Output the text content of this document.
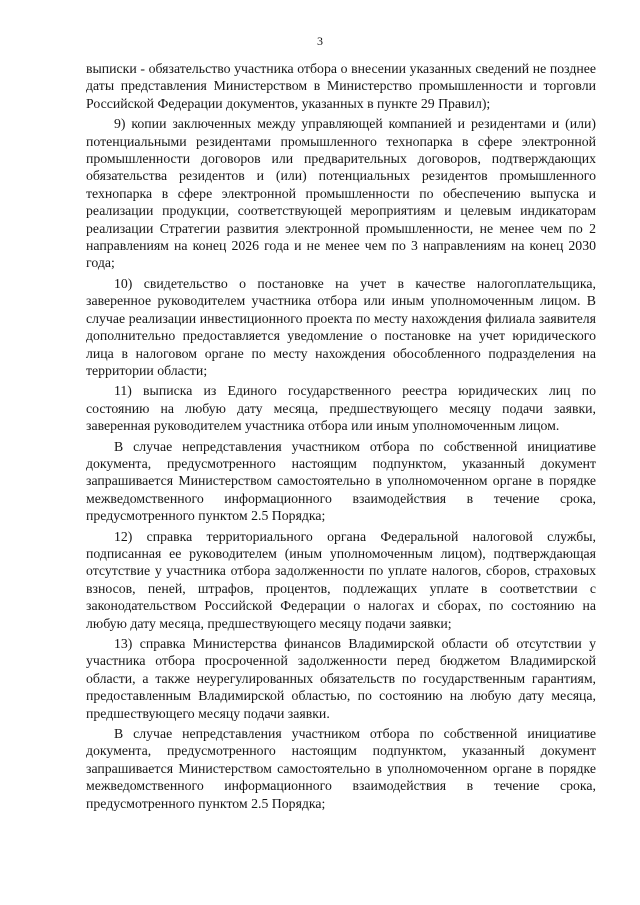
3

выписки - обязательство участника отбора о внесении указанных сведений не позднее даты представления Министерством в Министерство промышленности и торговли Российской Федерации документов, указанных в пункте 29 Правил);

9) копии заключенных между управляющей компанией и резидентами и (или) потенциальными резидентами промышленного технопарка в сфере электронной промышленности договоров или предварительных договоров, подтверждающих обязательства резидентов и (или) потенциальных резидентов промышленного технопарка в сфере электронной промышленности по обеспечению выпуска и реализации продукции, соответствующей мероприятиям и целевым индикаторам реализации Стратегии развития электронной промышленности, не менее чем по 2 направлениям на конец 2026 года и не менее чем по 3 направлениям на конец 2030 года;

10) свидетельство о постановке на учет в качестве налогоплательщика, заверенное руководителем участника отбора или иным уполномоченным лицом. В случае реализации инвестиционного проекта по месту нахождения филиала заявителя дополнительно предоставляется уведомление о постановке на учет юридического лица в налоговом органе по месту нахождения обособленного подразделения на территории области;

11) выписка из Единого государственного реестра юридических лиц по состоянию на любую дату месяца, предшествующего месяцу подачи заявки, заверенная руководителем участника отбора или иным уполномоченным лицом.

В случае непредставления участником отбора по собственной инициативе документа, предусмотренного настоящим подпунктом, указанный документ запрашивается Министерством самостоятельно в уполномоченном органе в порядке межведомственного информационного взаимодействия в течение срока, предусмотренного пунктом 2.5 Порядка;

12) справка территориального органа Федеральной налоговой службы, подписанная ее руководителем (иным уполномоченным лицом), подтверждающая отсутствие у участника отбора задолженности по уплате налогов, сборов, страховых взносов, пеней, штрафов, процентов, подлежащих уплате в соответствии с законодательством Российской Федерации о налогах и сборах, по состоянию на любую дату месяца, предшествующего месяцу подачи заявки;

13) справка Министерства финансов Владимирской области об отсутствии у участника отбора просроченной задолженности перед бюджетом Владимирской области, а также неурегулированных обязательств по государственным гарантиям, предоставленным Владимирской областью, по состоянию на любую дату месяца, предшествующего месяцу подачи заявки.

В случае непредставления участником отбора по собственной инициативе документа, предусмотренного настоящим подпунктом, указанный документ запрашивается Министерством самостоятельно в уполномоченном органе в порядке межведомственного информационного взаимодействия в течение срока, предусмотренного пунктом 2.5 Порядка;
